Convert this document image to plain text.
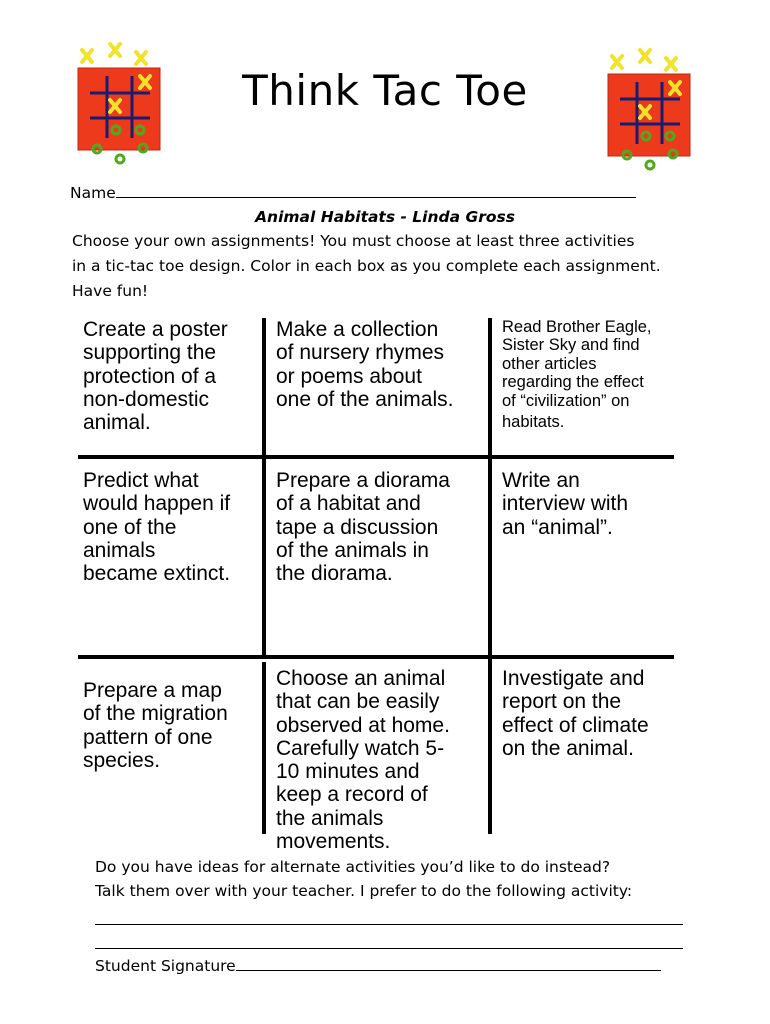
Think Tac Toe
Name
Animal Habitats - Linda Gross
Choose your own assignments! You must choose at least three activities
in a tic-tac toe design. Color in each box as you complete each assignment.
Have fun!
Create a poster
supporting the
protection of a
non-domestic
animal.
Make a collection
of nursery rhymes
or poems about
one of the animals.
Read Brother Eagle,
Sister Sky and find
other articles
regarding the effect
of “civilization” on
habitats.
Predict what
would happen if
one of the
animals
became extinct.
Prepare a diorama
of a habitat and
tape a discussion
of the animals in
the diorama.
Write an
interview with
an “animal”.
Prepare a map
of the migration
pattern of one
species.
Choose an animal
that can be easily
observed at home.
Carefully watch 5-
10 minutes and
keep a record of
the animals
movements.
Investigate and
report on the
effect of climate
on the animal.
Do you have ideas for alternate activities you’d like to do instead?
Talk them over with your teacher. I prefer to do the following activity:
Student Signature
